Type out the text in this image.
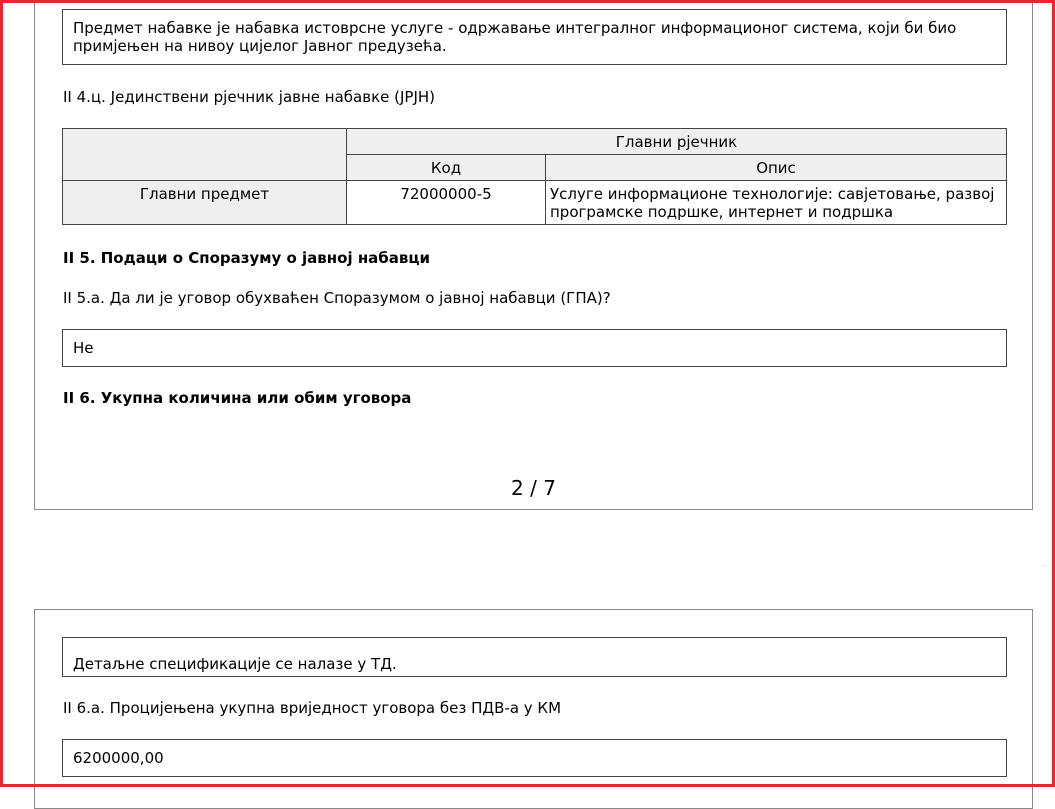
Предмет набавке је набавка истоврсне услуге - одржавање интегралног информационог система, који би био примјењен на нивоу цијелог Јавног предузећа.
II 4.ц. Јединствени рјечник јавне набавке (JPJH)
	Главни рјечник	
	Код	Опис
Главни предмет	72000000-5	Услуге информационе технологије: савјетовање, развој програмске подршке, интернет и подршка
II 5. Подаци о Споразуму о јавној набавци
II 5.а. Да ли је уговор обухваћен Споразумом о јавној набавци (ГПА)?
Не
II 6. Укупна количина или обим уговора
2 / 7
.
Детаљне спецификације се налазе у ТД.
II 6.а. Процијењена укупна вриједност уговора без ПДВ-а у КМ
6200000,00
